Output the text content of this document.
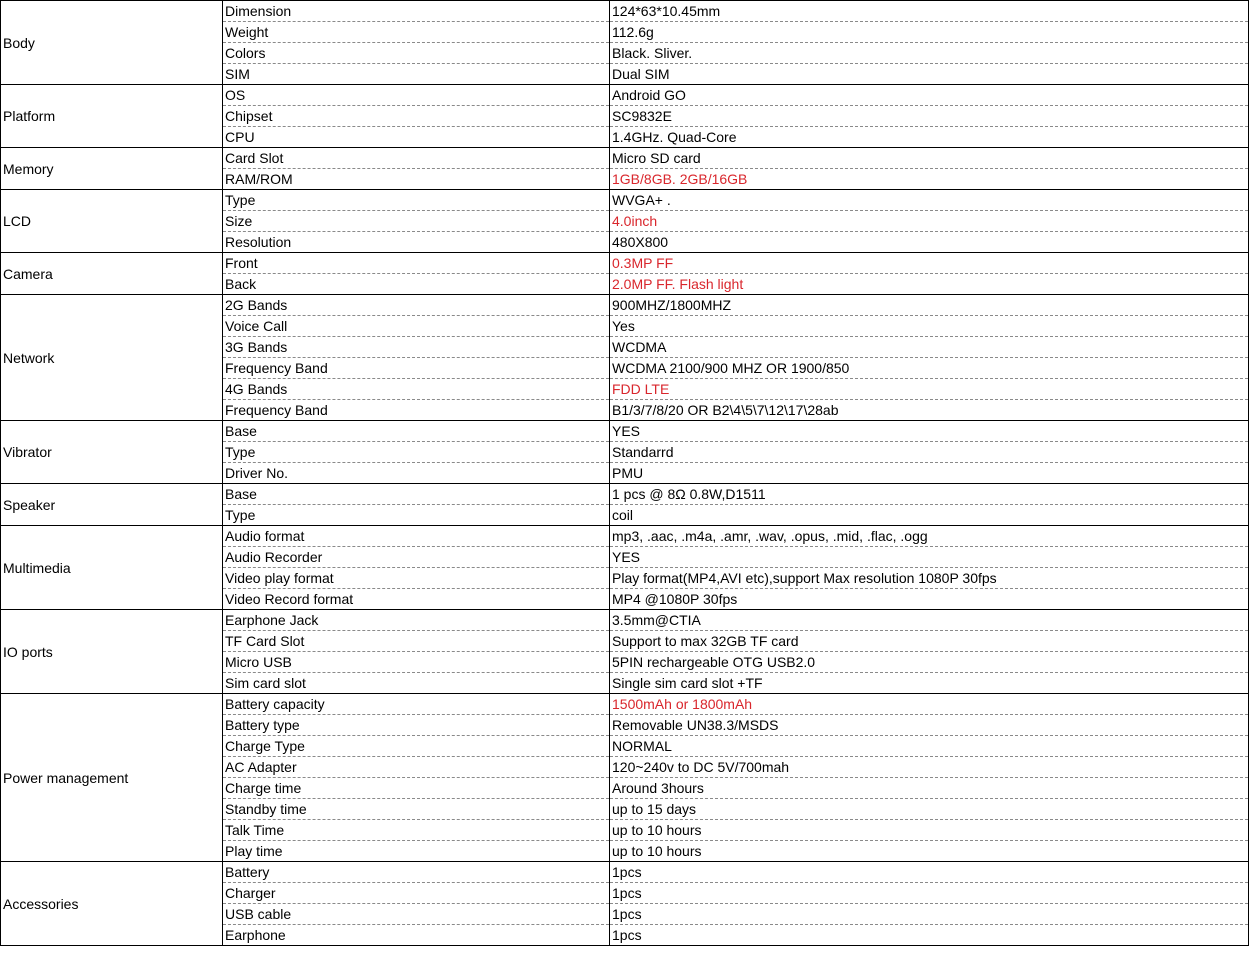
Body	Dimension	124*63*10.45mm
	Weight	112.6g
	Colors	Black. Sliver.
	SIM	Dual SIM
Platform	OS	Android GO
	Chipset	SC9832E
	CPU	1.4GHz. Quad-Core
Memory	Card Slot	Micro SD card
	RAM/ROM	1GB/8GB. 2GB/16GB
LCD	Type	WVGA+ .
	Size	4.0inch
	Resolution	480X800
Camera	Front	0.3MP FF
	Back	2.0MP FF. Flash light
Network	2G Bands	900MHZ/1800MHZ
	Voice Call	Yes
	3G Bands	WCDMA
	Frequency Band	WCDMA 2100/900 MHZ OR 1900/850
	4G Bands	FDD LTE
	Frequency Band	B1/3/7/8/20 OR B2\4\5\7\12\17\28ab
Vibrator	Base	YES
	Type	Standarrd
	Driver No.	PMU
Speaker	Base	1 pcs @ 8Ω 0.8W,D1511
	Type	coil
Multimedia	Audio format	mp3, .aac, .m4a, .amr, .wav, .opus, .mid, .flac, .ogg
	Audio Recorder	YES
	Video play format	Play format(MP4,AVI etc),support Max resolution 1080P 30fps
	Video Record format	MP4 @1080P 30fps
IO ports	Earphone Jack	3.5mm@CTIA
	TF Card Slot	Support to max 32GB TF card
	Micro USB	5PIN rechargeable OTG USB2.0
	Sim card slot	Single sim card slot +TF
Power management	Battery capacity	1500mAh or 1800mAh
	Battery type	Removable UN38.3/MSDS
	Charge Type	NORMAL
	AC Adapter	120~240v to DC 5V/700mah
	Charge time	Around 3hours
	Standby time	up to 15 days
	Talk Time	up to 10 hours
	Play time	up to 10 hours
Accessories	Battery	1pcs
	Charger	1pcs
	USB cable	1pcs
	Earphone	1pcs
